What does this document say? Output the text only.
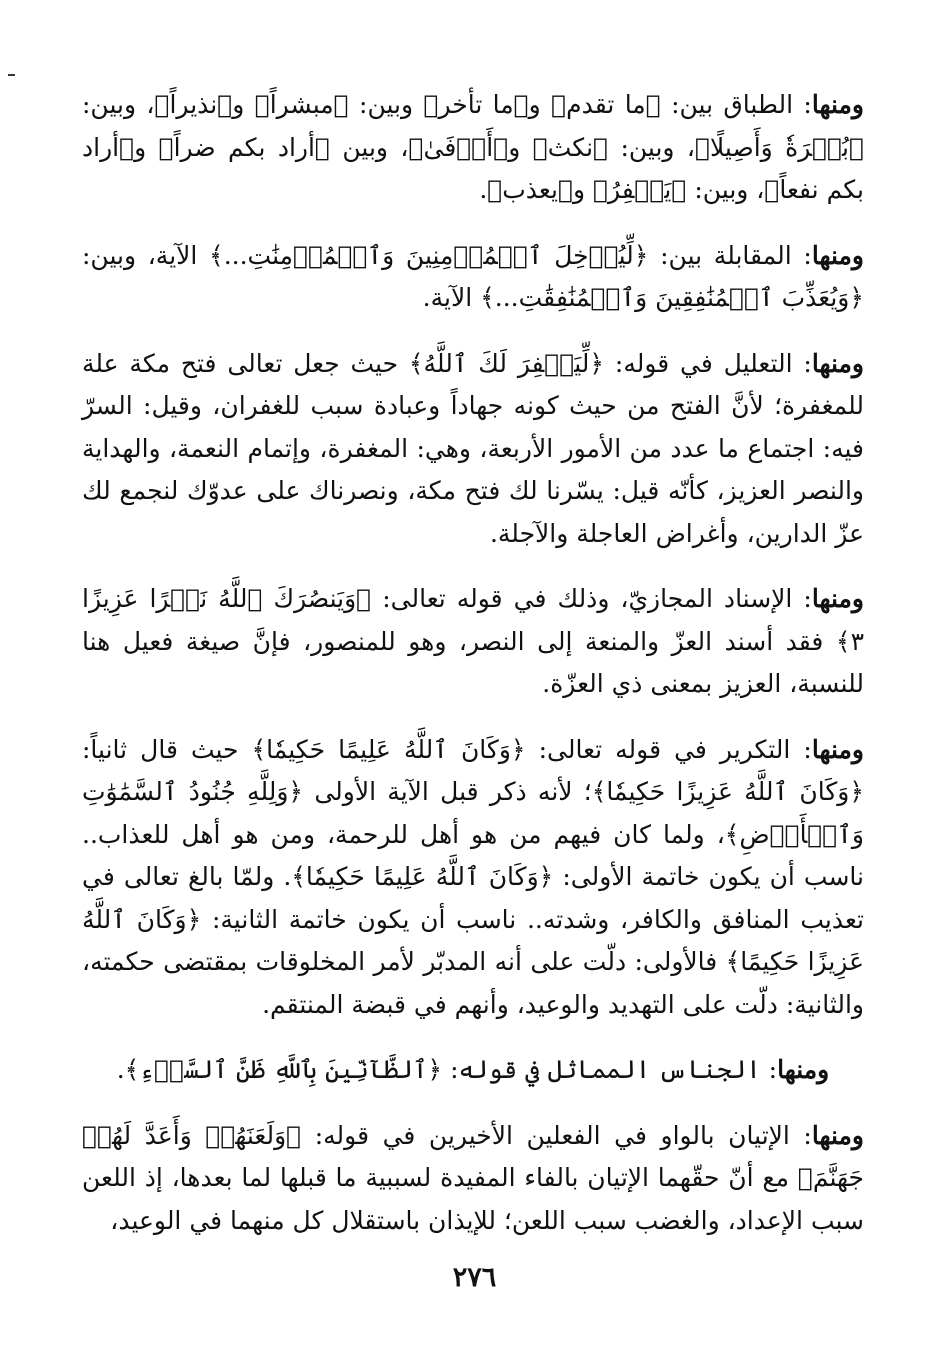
ومنها: الطباق بين: ﴿ما تقدم﴾ و﴿ما تأخر﴾ وبين: ﴿مبشراً﴾ و﴿نذيراً﴾، وبين: ﴿بُكۡرَةٗ وَأَصِيلًا﴾، وبين: ﴿نكث﴾ و﴿أَوۡفَىٰ﴾، وبين ﴿أراد بكم ضراً﴾ و﴿أراد بكم نفعاً﴾، وبين: ﴿يَغۡفِرُ﴾ و﴿يعذب﴾.

ومنها: المقابلة بين: ﴿لِّيُدۡخِلَ ٱلۡمُؤۡمِنِينَ وَٱلۡمُؤۡمِنَٰتِ...﴾ الآية، وبين: ﴿وَيُعَذِّبَ ٱلۡمُنَٰفِقِينَ وَٱلۡمُنَٰفِقَٰتِ...﴾ الآية.

ومنها: التعليل في قوله: ﴿لِّيَغۡفِرَ لَكَ ٱللَّهُ﴾ حيث جعل تعالى فتح مكة علة للمغفرة؛ لأنَّ الفتح من حيث كونه جهاداً وعبادة سبب للغفران، وقيل: السرّ فيه: اجتماع ما عدد من الأمور الأربعة، وهي: المغفرة، وإتمام النعمة، والهداية والنصر العزيز، كأنّه قيل: يسّرنا لك فتح مكة، ونصرناك على عدوّك لنجمع لك عزّ الدارين، وأغراض العاجلة والآجلة.

ومنها: الإسناد المجازيّ، وذلك في قوله تعالى: ﴿وَيَنصُرَكَ ٱللَّهُ نَصۡرًا عَزِيزًا ٣﴾ فقد أسند العزّ والمنعة إلى النصر، وهو للمنصور، فإنَّ صيغة فعيل هنا للنسبة، العزيز بمعنى ذي العزّة.

ومنها: التكرير في قوله تعالى: ﴿وَكَانَ ٱللَّهُ عَلِيمًا حَكِيمٗا﴾ حيث قال ثانياً: ﴿وَكَانَ ٱللَّهُ عَزِيزًا حَكِيمٗا﴾؛ لأنه ذكر قبل الآية الأولى ﴿وَلِلَّهِ جُنُودُ ٱلسَّمَٰوَٰتِ وَٱلۡأَرۡضِ﴾، ولما كان فيهم من هو أهل للرحمة، ومن هو أهل للعذاب.. ناسب أن يكون خاتمة الأولى: ﴿وَكَانَ ٱللَّهُ عَلِيمًا حَكِيمٗا﴾. ولمّا بالغ تعالى في تعذيب المنافق والكافر، وشدته.. ناسب أن يكون خاتمة الثانية: ﴿وَكَانَ ٱللَّهُ عَزِيزًا حَكِيمًا﴾ فالأولى: دلّت على أنه المدبّر لأمر المخلوقات بمقتضى حكمته، والثانية: دلّت على التهديد والوعيد، وأنهم في قبضة المنتقم.

ومنها: الجناس المماثل في قوله: ﴿ٱلظَّآنِّينَ بِٱللَّهِ ظَنَّ ٱلسَّوۡءِ﴾.

ومنها: الإتيان بالواو في الفعلين الأخيرين في قوله: ﴿وَلَعَنَهُمۡ وَأَعَدَّ لَهُمۡ جَهَنَّمَ﴾ مع أنّ حقّهما الإتيان بالفاء المفيدة لسببية ما قبلها لما بعدها، إذ اللعن سبب الإعداد، والغضب سبب اللعن؛ للإيذان باستقلال كل منهما في الوعيد،

٢٧٦
